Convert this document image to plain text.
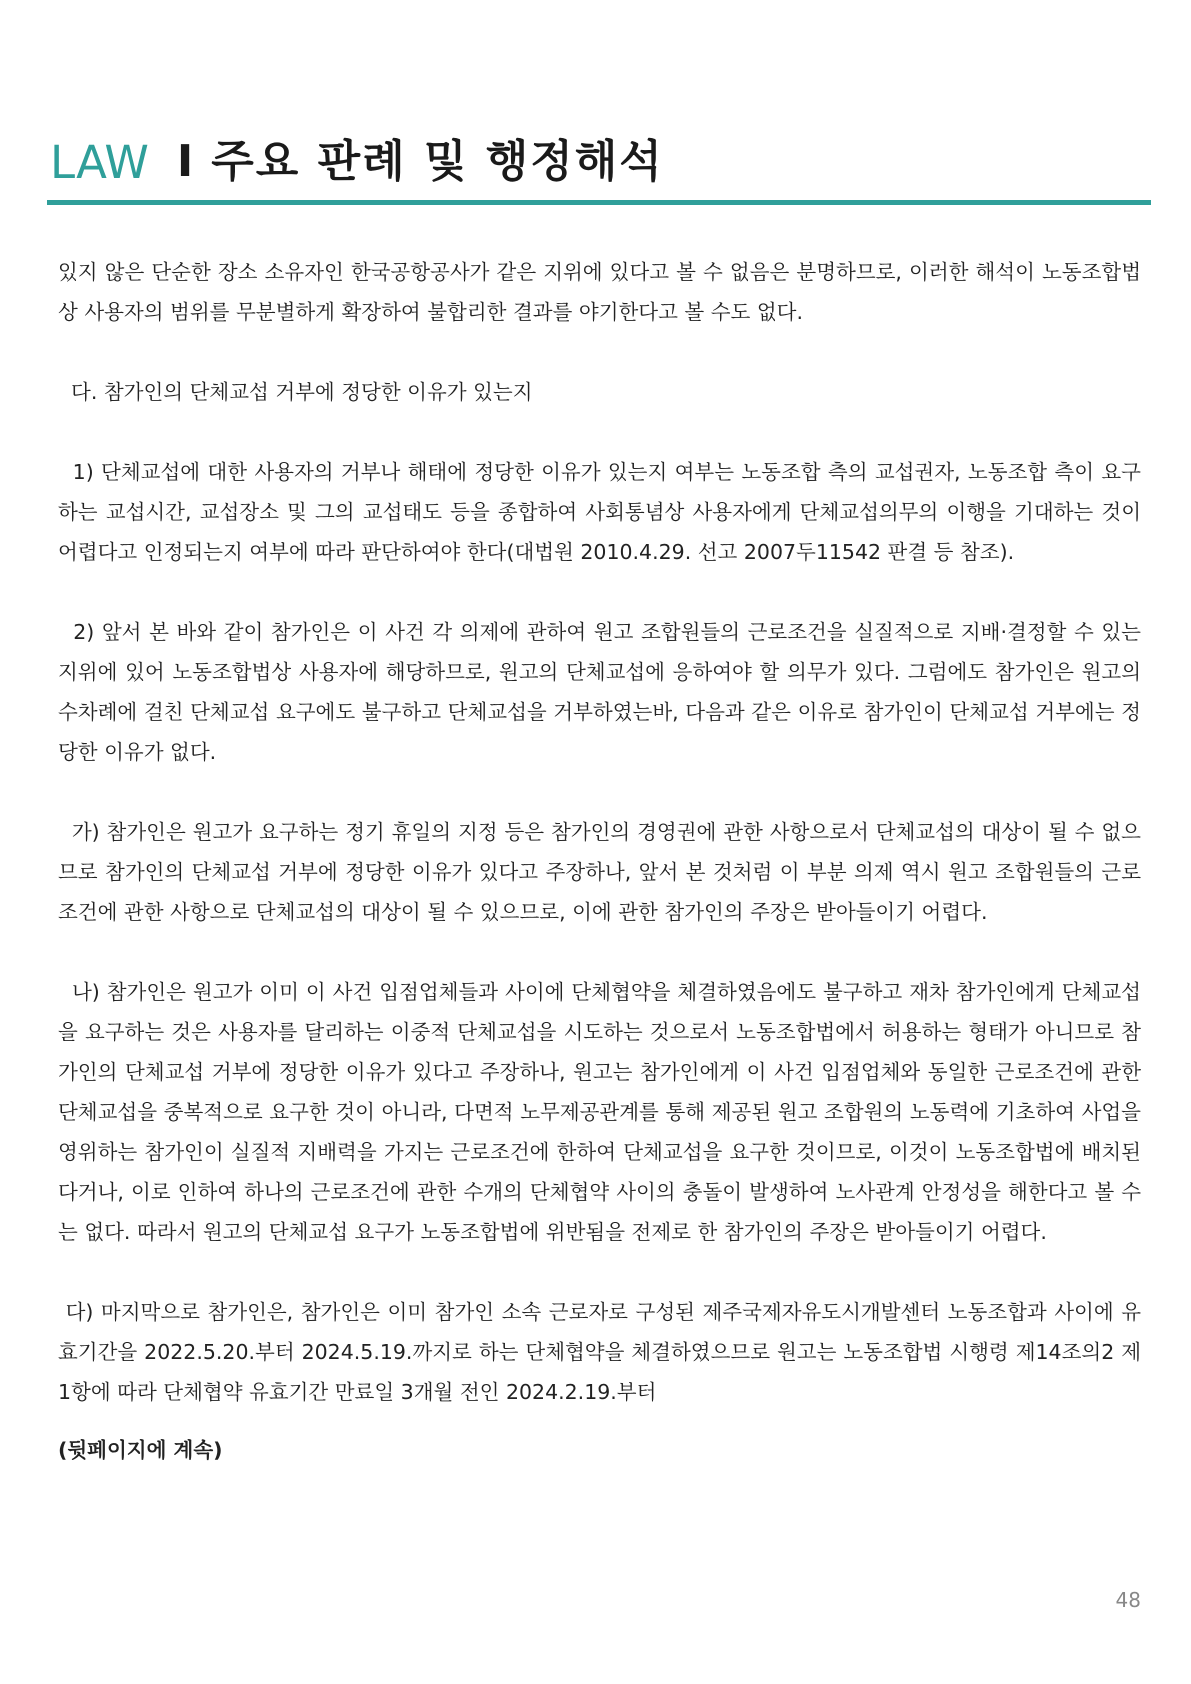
LAW I 주요 판례 및 행정해석

있지 않은 단순한 장소 소유자인 한국공항공사가 같은 지위에 있다고 볼 수 없음은 분명하므로, 이러한 해석이 노동조합법상 사용자의 범위를 무분별하게 확장하여 불합리한 결과를 야기한다고 볼 수도 없다.

다. 참가인의 단체교섭 거부에 정당한 이유가 있는지

1) 단체교섭에 대한 사용자의 거부나 해태에 정당한 이유가 있는지 여부는 노동조합 측의 교섭권자, 노동조합 측이 요구하는 교섭시간, 교섭장소 및 그의 교섭태도 등을 종합하여 사회통념상 사용자에게 단체교섭의무의 이행을 기대하는 것이 어렵다고 인정되는지 여부에 따라 판단하여야 한다(대법원 2010.4.29. 선고 2007두11542 판결 등 참조).

2) 앞서 본 바와 같이 참가인은 이 사건 각 의제에 관하여 원고 조합원들의 근로조건을 실질적으로 지배·결정할 수 있는 지위에 있어 노동조합법상 사용자에 해당하므로, 원고의 단체교섭에 응하여야 할 의무가 있다. 그럼에도 참가인은 원고의 수차례에 걸친 단체교섭 요구에도 불구하고 단체교섭을 거부하였는바, 다음과 같은 이유로 참가인이 단체교섭 거부에는 정당한 이유가 없다.

가) 참가인은 원고가 요구하는 정기 휴일의 지정 등은 참가인의 경영권에 관한 사항으로서 단체교섭의 대상이 될 수 없으므로 참가인의 단체교섭 거부에 정당한 이유가 있다고 주장하나, 앞서 본 것처럼 이 부분 의제 역시 원고 조합원들의 근로조건에 관한 사항으로 단체교섭의 대상이 될 수 있으므로, 이에 관한 참가인의 주장은 받아들이기 어렵다.

나) 참가인은 원고가 이미 이 사건 입점업체들과 사이에 단체협약을 체결하였음에도 불구하고 재차 참가인에게 단체교섭을 요구하는 것은 사용자를 달리하는 이중적 단체교섭을 시도하는 것으로서 노동조합법에서 허용하는 형태가 아니므로 참가인의 단체교섭 거부에 정당한 이유가 있다고 주장하나, 원고는 참가인에게 이 사건 입점업체와 동일한 근로조건에 관한 단체교섭을 중복적으로 요구한 것이 아니라, 다면적 노무제공관계를 통해 제공된 원고 조합원의 노동력에 기초하여 사업을 영위하는 참가인이 실질적 지배력을 가지는 근로조건에 한하여 단체교섭을 요구한 것이므로, 이것이 노동조합법에 배치된다거나, 이로 인하여 하나의 근로조건에 관한 수개의 단체협약 사이의 충돌이 발생하여 노사관계 안정성을 해한다고 볼 수는 없다. 따라서 원고의 단체교섭 요구가 노동조합법에 위반됨을 전제로 한 참가인의 주장은 받아들이기 어렵다.

다) 마지막으로 참가인은, 참가인은 이미 참가인 소속 근로자로 구성된 제주국제자유도시개발센터 노동조합과 사이에 유효기간을 2022.5.20.부터 2024.5.19.까지로 하는 단체협약을 체결하였으므로 원고는 노동조합법 시행령 제14조의2 제1항에 따라 단체협약 유효기간 만료일 3개월 전인 2024.2.19.부터

(뒷페이지에 계속)

48
